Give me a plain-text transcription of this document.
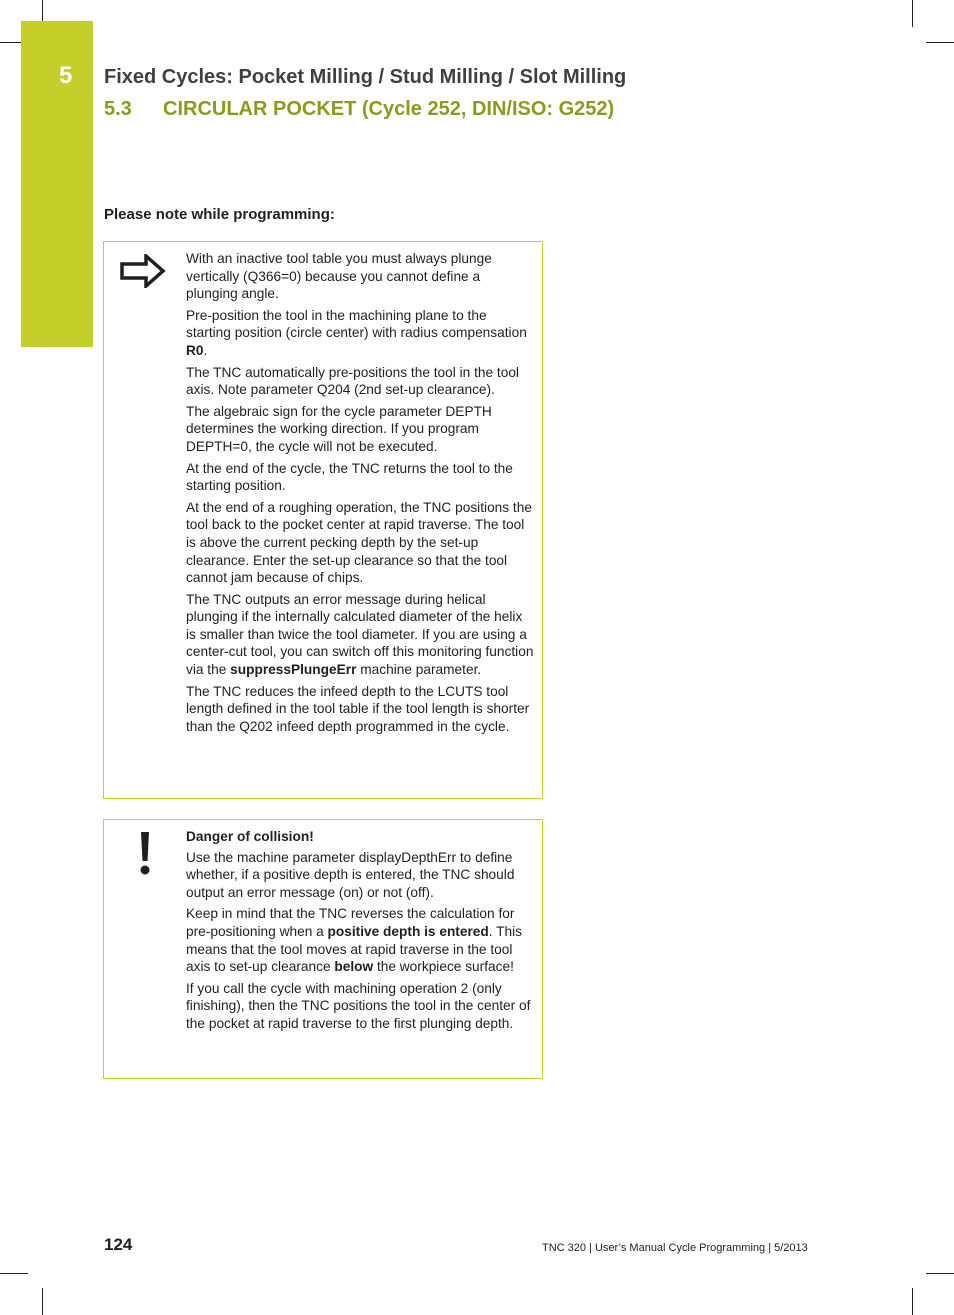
5 Fixed Cycles: Pocket Milling / Stud Milling / Slot Milling
5.3 CIRCULAR POCKET (Cycle 252, DIN/ISO: G252)
Please note while programming:

With an inactive tool table you must always plunge vertically (Q366=0) because you cannot define a plunging angle.

Pre-position the tool in the machining plane to the starting position (circle center) with radius compensation R0.

The TNC automatically pre-positions the tool in the tool axis. Note parameter Q204 (2nd set-up clearance).

The algebraic sign for the cycle parameter DEPTH determines the working direction. If you program DEPTH=0, the cycle will not be executed.

At the end of the cycle, the TNC returns the tool to the starting position.

At the end of a roughing operation, the TNC positions the tool back to the pocket center at rapid traverse. The tool is above the current pecking depth by the set-up clearance. Enter the set-up clearance so that the tool cannot jam because of chips.

The TNC outputs an error message during helical plunging if the internally calculated diameter of the helix is smaller than twice the tool diameter. If you are using a center-cut tool, you can switch off this monitoring function via the suppressPlungeErr machine parameter.

The TNC reduces the infeed depth to the LCUTS tool length defined in the tool table if the tool length is shorter than the Q202 infeed depth programmed in the cycle.

Danger of collision!

Use the machine parameter displayDepthErr to define whether, if a positive depth is entered, the TNC should output an error message (on) or not (off).

Keep in mind that the TNC reverses the calculation for pre-positioning when a positive depth is entered. This means that the tool moves at rapid traverse in the tool axis to set-up clearance below the workpiece surface!

If you call the cycle with machining operation 2 (only finishing), then the TNC positions the tool in the center of the pocket at rapid traverse to the first plunging depth.

124	TNC 320 | User’s Manual Cycle Programming | 5/2013
